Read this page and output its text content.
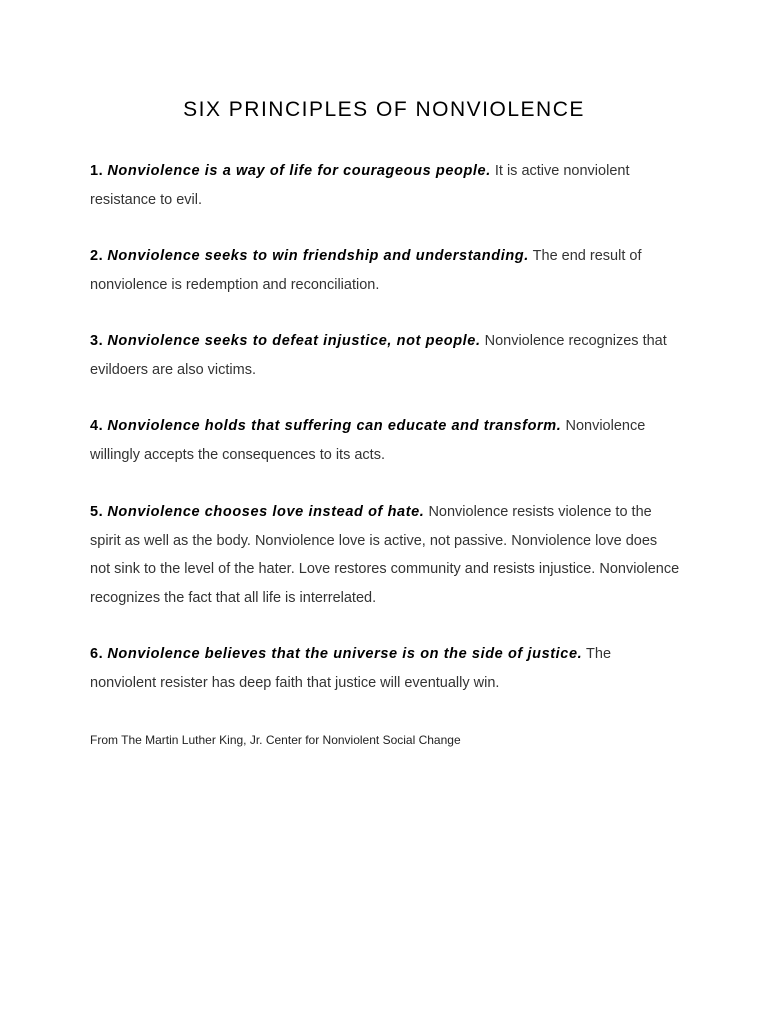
SIX PRINCIPLES OF NONVIOLENCE

1. Nonviolence is a way of life for courageous people. It is active nonviolent resistance to evil.

2. Nonviolence seeks to win friendship and understanding. The end result of nonviolence is redemption and reconciliation.

3. Nonviolence seeks to defeat injustice, not people. Nonviolence recognizes that evildoers are also victims.

4. Nonviolence holds that suffering can educate and transform. Nonviolence willingly accepts the consequences to its acts.

5. Nonviolence chooses love instead of hate. Nonviolence resists violence to the spirit as well as the body. Nonviolence love is active, not passive. Nonviolence love does not sink to the level of the hater. Love restores community and resists injustice. Nonviolence recognizes the fact that all life is interrelated.

6. Nonviolence believes that the universe is on the side of justice. The nonviolent resister has deep faith that justice will eventually win.

From The Martin Luther King, Jr. Center for Nonviolent Social Change
